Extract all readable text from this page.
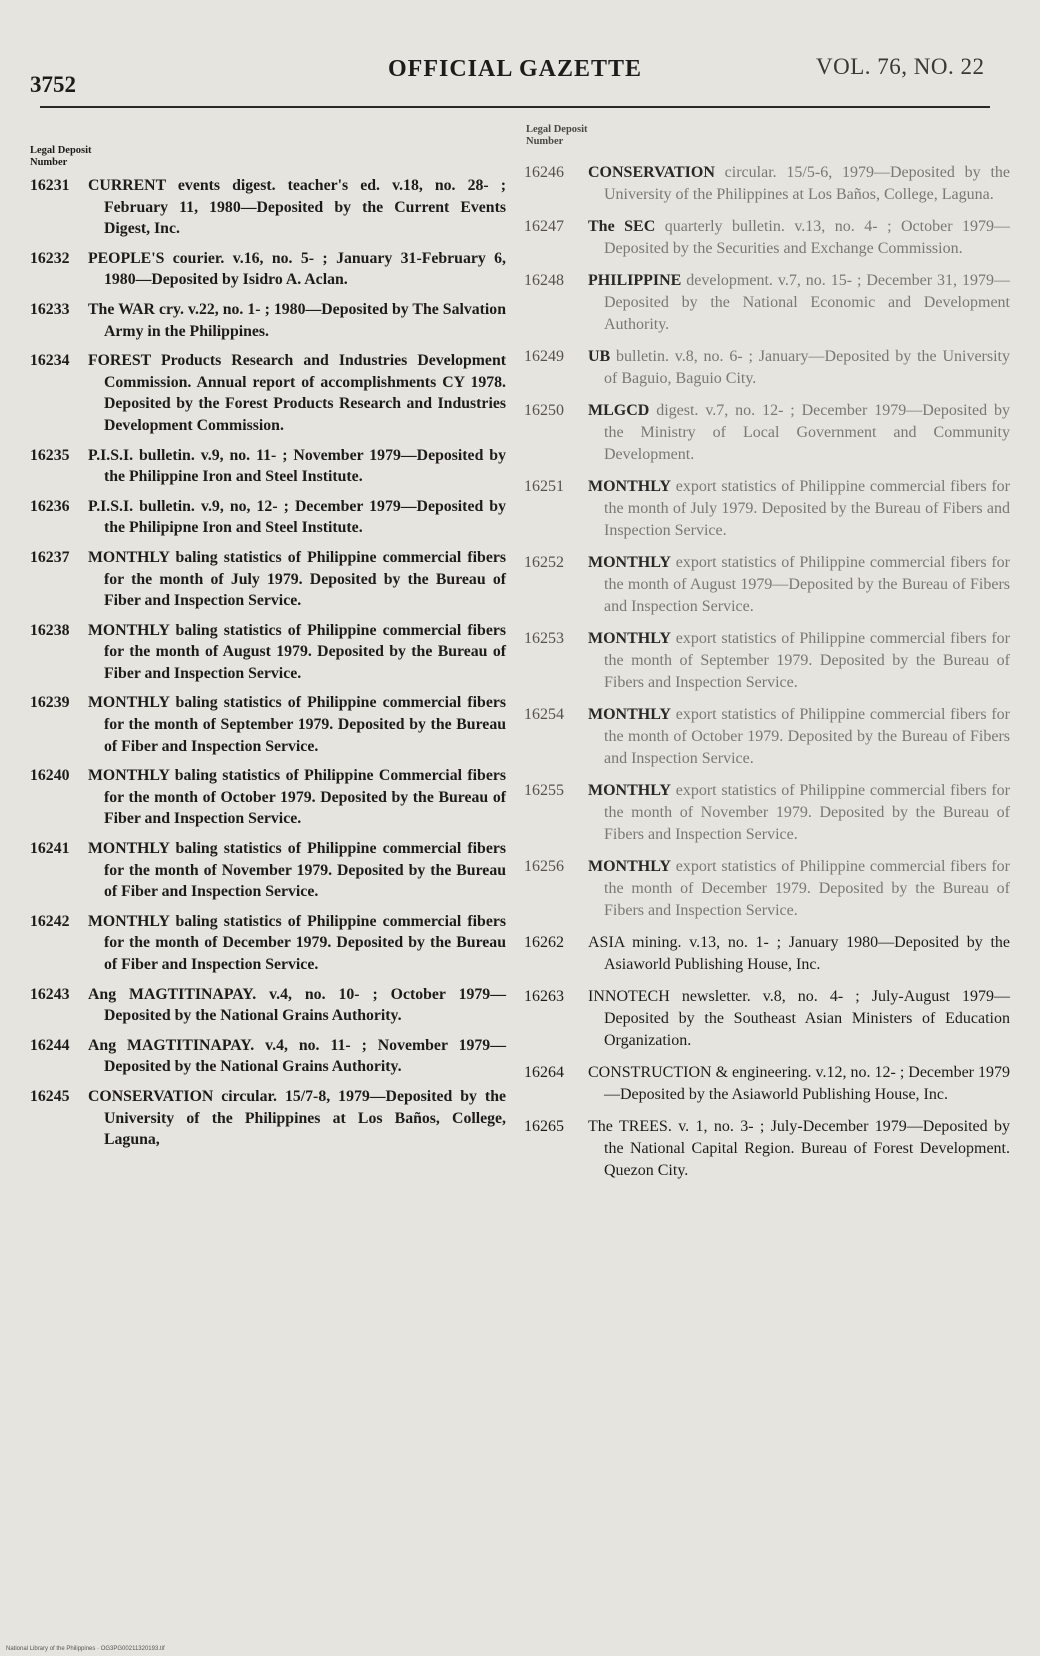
3752
OFFICIAL GAZETTE	VOL. 76, NO. 22
Legal Deposit
Number
Legal Deposit
Number
16231	CURRENT events digest. teacher's ed. v.18, no. 28- ; February 11, 1980—Deposited by the Current Events Digest, Inc.
16232	PEOPLE'S courier. v.16, no. 5- ; January 31-February 6, 1980—Deposited by Isidro A. Aclan.
16233	The WAR cry. v.22, no. 1- ; 1980—Deposited by The Salvation Army in the Philippines.
16234	FOREST Products Research and Industries Development Commission. Annual report of accomplishments CY 1978. Deposited by the Forest Products Research and Industries Development Commission.
16235	P.I.S.I. bulletin. v.9, no. 11- ; November 1979—Deposited by the Philippine Iron and Steel Institute.
16236	P.I.S.I. bulletin. v.9, no, 12- ; December 1979—Deposited by the Philipipne Iron and Steel Institute.
16237	MONTHLY baling statistics of Philippine commercial fibers for the month of July 1979. Deposited by the Bureau of Fiber and Inspection Service.
16238	MONTHLY baling statistics of Philippine commercial fibers for the month of August 1979. Deposited by the Bureau of Fiber and Inspection Service.
16239	MONTHLY baling statistics of Philippine commercial fibers for the month of September 1979. Deposited by the Bureau of Fiber and Inspection Service.
16240	MONTHLY baling statistics of Philippine Commercial fibers for the month of October 1979. Deposited by the Bureau of Fiber and Inspection Service.
16241	MONTHLY baling statistics of Philippine commercial fibers for the month of November 1979. Deposited by the Bureau of Fiber and Inspection Service.
16242	MONTHLY baling statistics of Philippine commercial fibers for the month of December 1979. Deposited by the Bureau of Fiber and Inspection Service.
16243	Ang MAGTITINAPAY. v.4, no. 10- ; October 1979—Deposited by the National Grains Authority.
16244	Ang MAGTITINAPAY. v.4, no. 11- ; November 1979—Deposited by the National Grains Authority.
16245	CONSERVATION circular. 15/7-8, 1979—Deposited by the University of the Philippines at Los Baños, College, Laguna,
16246	CONSERVATION circular. 15/5-6, 1979—Deposited by the University of the Philippines at Los Baños, College, Laguna.
16247	The SEC quarterly bulletin. v.13, no. 4- ; October 1979—Deposited by the Securities and Exchange Commission.
16248	PHILIPPINE development. v.7, no. 15- ; December 31, 1979—Deposited by the National Economic and Development Authority.
16249	UB bulletin. v.8, no. 6- ; January—Deposited by the University of Baguio, Baguio City.
16250	MLGCD digest. v.7, no. 12- ; December 1979—Deposited by the Ministry of Local Government and Community Development.
16251	MONTHLY export statistics of Philippine commercial fibers for the month of July 1979. Deposited by the Bureau of Fibers and Inspection Service.
16252	MONTHLY export statistics of Philippine commercial fibers for the month of August 1979—Deposited by the Bureau of Fibers and Inspection Service.
16253	MONTHLY export statistics of Philippine commercial fibers for the month of September 1979. Deposited by the Bureau of Fibers and Inspection Service.
16254	MONTHLY export statistics of Philippine commercial fibers for the month of October 1979. Deposited by the Bureau of Fibers and Inspection Service.
16255	MONTHLY export statistics of Philippine commercial fibers for the month of November 1979. Deposited by the Bureau of Fibers and Inspection Service.
16256	MONTHLY export statistics of Philippine commercial fibers for the month of December 1979. Deposited by the Bureau of Fibers and Inspection Service.
16262	ASIA mining. v.13, no. 1- ; January 1980—Deposited by the Asiaworld Publishing House, Inc.
16263	INNOTECH newsletter. v.8, no. 4- ; July-August 1979—Deposited by the Southeast Asian Ministers of Education Organization.
16264	CONSTRUCTION & engineering. v.12, no. 12- ; December 1979—Deposited by the Asiaworld Publishing House, Inc.
16265	The TREES. v. 1, no. 3- ; July-December 1979—Deposited by the National Capital Region. Bureau of Forest Development. Quezon City.
National Library of the Philippines · OG3PG00211320193.tif
